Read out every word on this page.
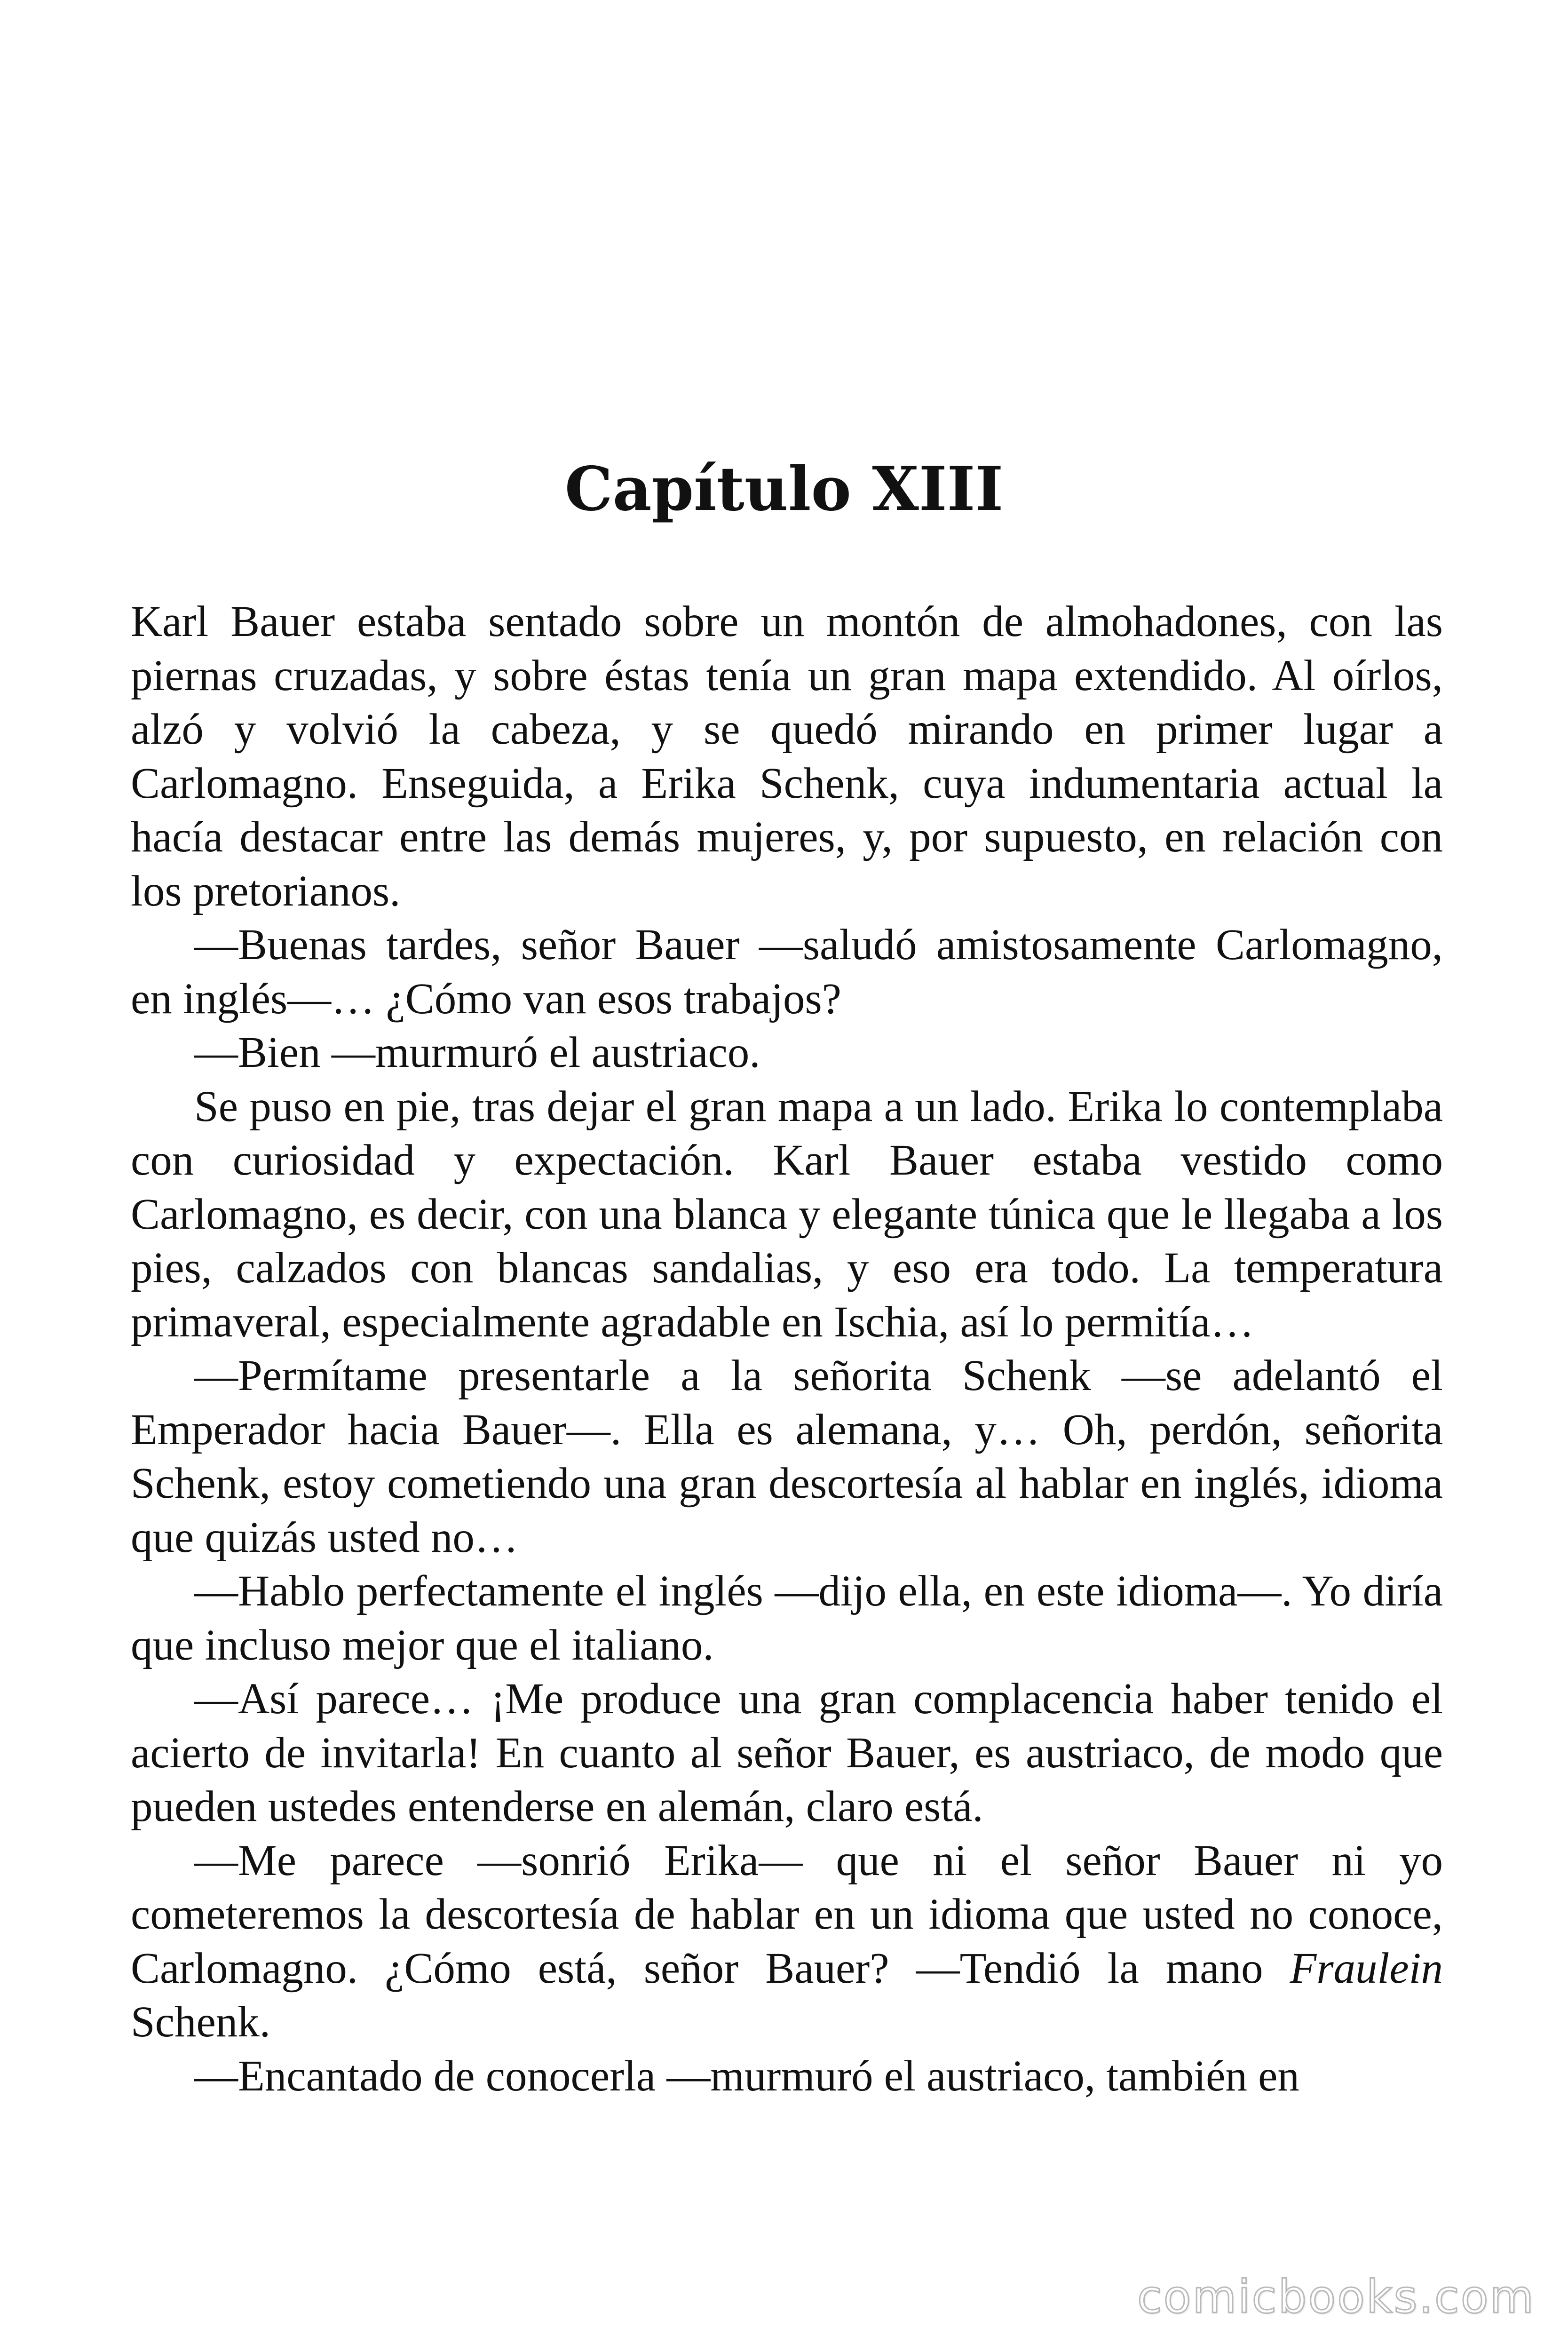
Capítulo XIII

Karl Bauer estaba sentado sobre un montón de almohadones, con las piernas cruzadas, y sobre éstas tenía un gran mapa extendido. Al oírlos, alzó y volvió la cabeza, y se quedó mirando en primer lugar a Carlomagno. Enseguida, a Erika Schenk, cuya indumentaria actual la hacía destacar entre las demás mujeres, y, por supuesto, en relación con los pretorianos.

—Buenas tardes, señor Bauer —saludó amistosamente Carlomagno, en inglés—… ¿Cómo van esos trabajos?

—Bien —murmuró el austriaco.

Se puso en pie, tras dejar el gran mapa a un lado. Erika lo contemplaba con curiosidad y expectación. Karl Bauer estaba vestido como Carlomagno, es decir, con una blanca y elegante túnica que le llegaba a los pies, calzados con blancas sandalias, y eso era todo. La temperatura primaveral, especialmente agradable en Ischia, así lo permitía…

—Permítame presentarle a la señorita Schenk —se adelantó el Emperador hacia Bauer—. Ella es alemana, y… Oh, perdón, señorita Schenk, estoy cometiendo una gran descortesía al hablar en inglés, idioma que quizás usted no…

—Hablo perfectamente el inglés —dijo ella, en este idioma—. Yo diría que incluso mejor que el italiano.

—Así parece… ¡Me produce una gran complacencia haber tenido el acierto de invitarla! En cuanto al señor Bauer, es austriaco, de modo que pueden ustedes entenderse en alemán, claro está.

—Me parece —sonrió Erika— que ni el señor Bauer ni yo cometeremos la descortesía de hablar en un idioma que usted no conoce, Carlomagno. ¿Cómo está, señor Bauer? —Tendió la mano Fraulein Schenk.

—Encantado de conocerla —murmuró el austriaco, también en

comicbooks.com
